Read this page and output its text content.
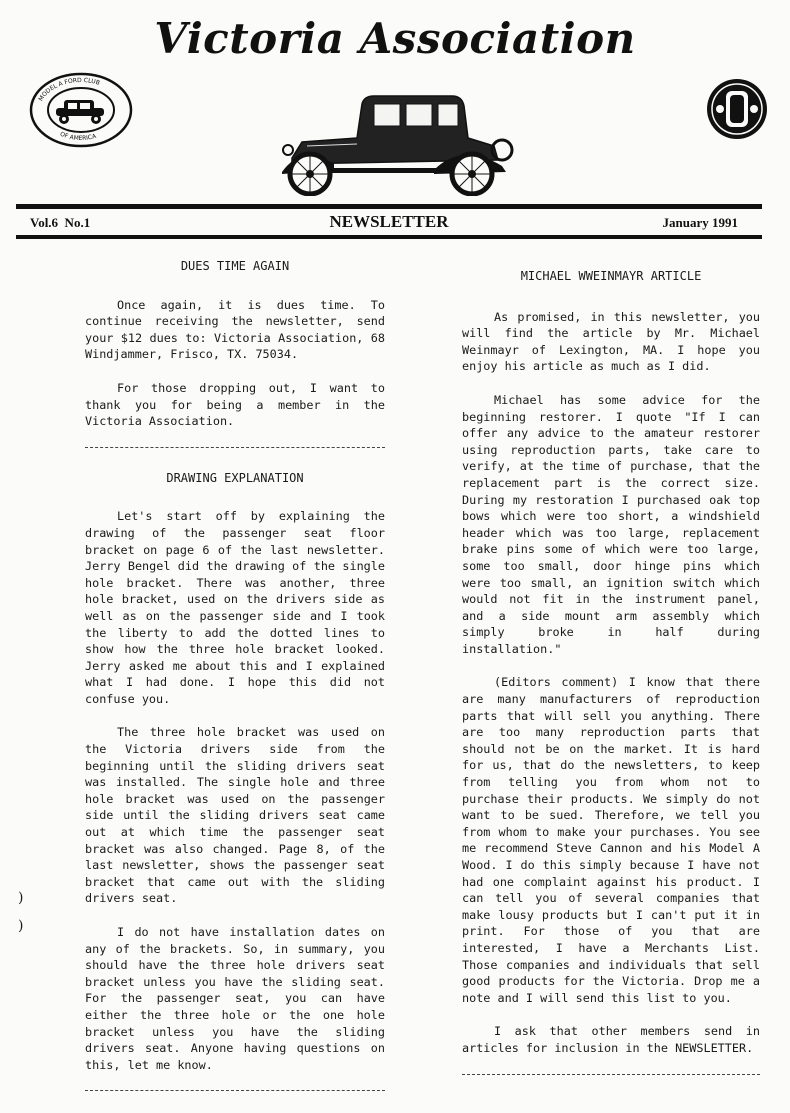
Victoria Association
MODEL A FORD CLUB
OF AMERICA
Vol.6  No.1	NEWSLETTER	January 1991
DUES TIME AGAIN

Once again, it is dues time. To continue receiving the newsletter, send your $12 dues to: Victoria Association, 68 Windjammer, Frisco, TX. 75034.

For those dropping out, I want to thank you for being a member in the Victoria Association.

DRAWING EXPLANATION

Let's start off by explaining the drawing of the passenger seat floor bracket on page 6 of the last newsletter. Jerry Bengel did the drawing of the single hole bracket. There was another, three hole bracket, used on the drivers side as well as on the passenger side and I took the liberty to add the dotted lines to show how the three hole bracket looked. Jerry asked me about this and I explained what I had done. I hope this did not confuse you.

The three hole bracket was used on the Victoria drivers side from the beginning until the sliding drivers seat was installed. The single hole and three hole bracket was used on the passenger side until the sliding drivers seat came out at which time the passenger seat bracket was also changed. Page 8, of the last newsletter, shows the passenger seat bracket that came out with the sliding drivers seat.

I do not have installation dates on any of the brackets. So, in summary, you should have the three hole drivers seat bracket unless you have the sliding seat. For the passenger seat, you can have either the three hole or the one hole bracket unless you have the sliding drivers seat. Anyone having questions on this, let me know.

MICHAEL WWEINMAYR ARTICLE

As promised, in this newsletter, you will find the article by Mr. Michael Weinmayr of Lexington, MA. I hope you enjoy his article as much as I did.

Michael has some advice for the beginning restorer. I quote "If I can offer any advice to the amateur restorer using reproduction parts, take care to verify, at the time of purchase, that the replacement part is the correct size. During my restoration I purchased oak top bows which were too short, a windshield header which was too large, replacement brake pins some of which were too large, some too small, door hinge pins which were too small, an ignition switch which would not fit in the instrument panel, and a side mount arm assembly which simply broke in half during installation."

(Editors comment) I know that there are many manufacturers of reproduction parts that will sell you anything. There are too many reproduction parts that should not be on the market. It is hard for us, that do the newsletters, to keep from telling you from whom not to purchase their products. We simply do not want to be sued. Therefore, we tell you from whom to make your purchases. You see me recommend Steve Cannon and his Model A Wood. I do this simply because I have not had one complaint against his product. I can tell you of several companies that make lousy products but I can't put it in print. For those of you that are interested, I have a Merchants List. Those companies and individuals that sell good products for the Victoria. Drop me a note and I will send this list to you.

I ask that other members send in articles for inclusion in the NEWSLETTER.

)
)
